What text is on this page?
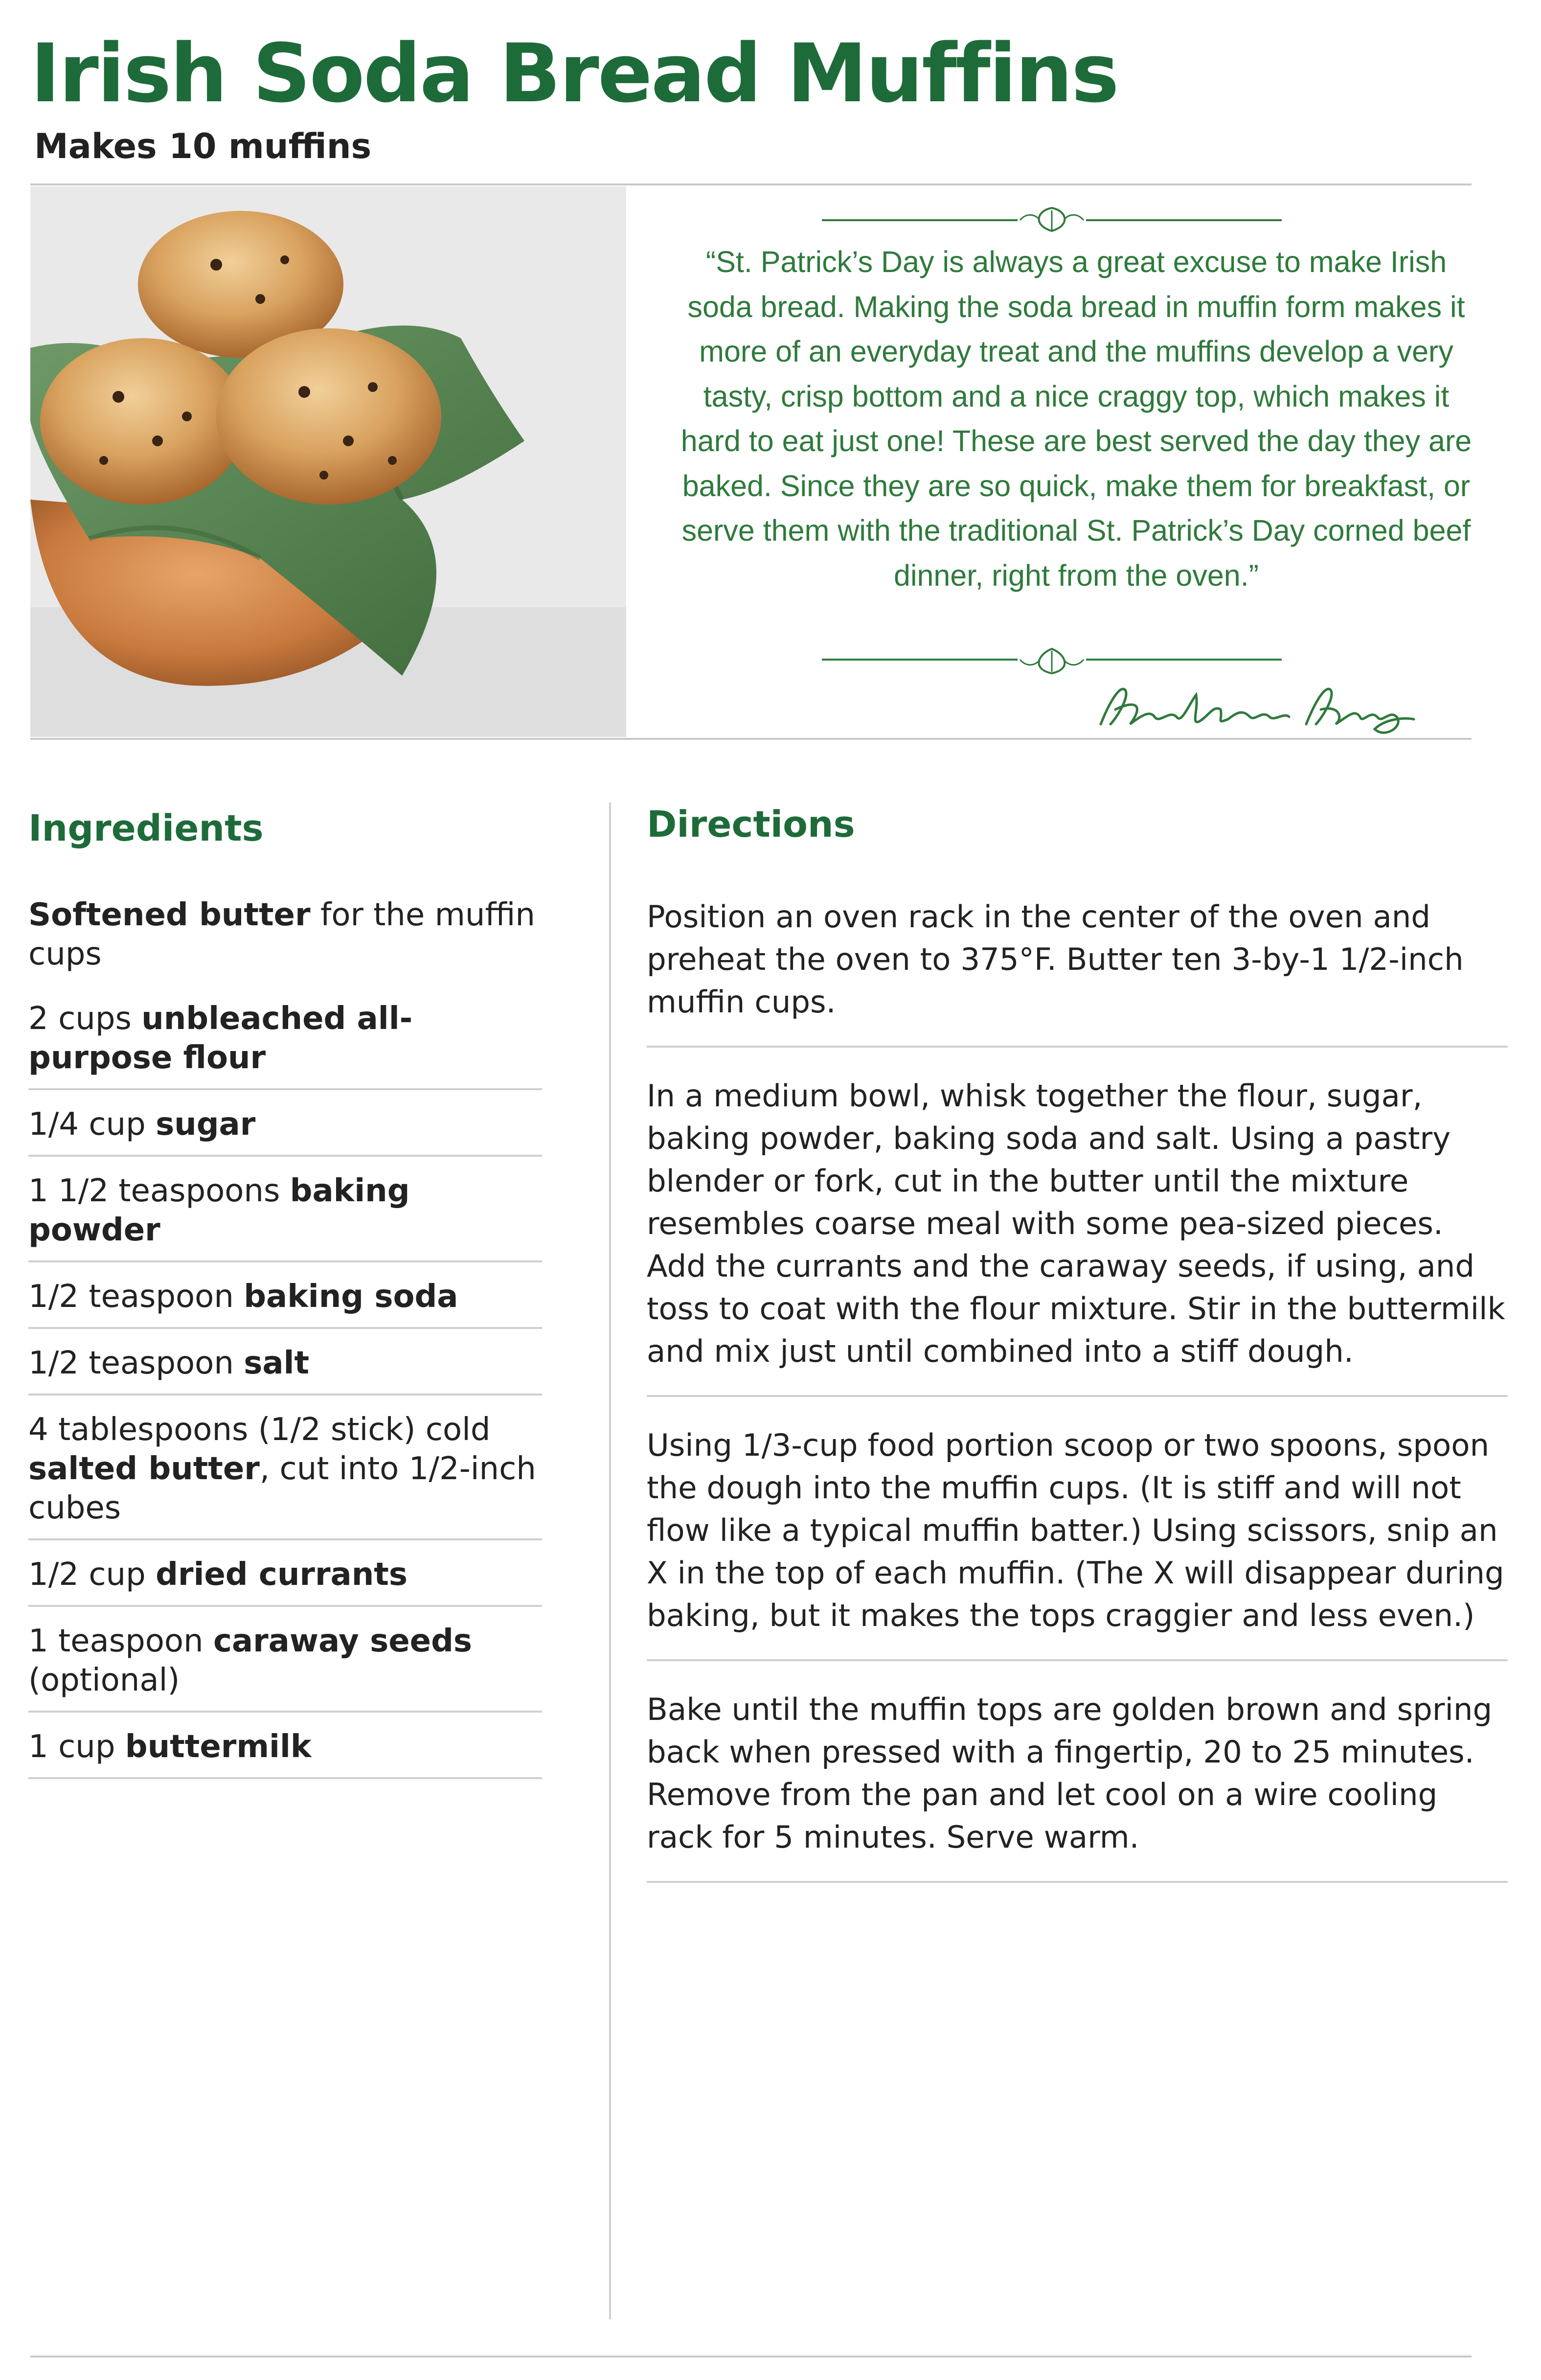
Irish Soda Bread Muffins
Makes 10 muffins

“St. Patrick’s Day is always a great excuse to make Irish soda bread. Making the soda bread in muffin form makes it more of an everyday treat and the muffins develop a very tasty, crisp bottom and a nice craggy top, which makes it hard to eat just one! These are best served the day they are baked. Since they are so quick, make them for breakfast, or serve them with the traditional St. Patrick’s Day corned beef dinner, right from the oven.”

Ingredients	Directions
Softened butter for the muffin cups
2 cups unbleached all-purpose flour
1/4 cup sugar
1 1/2 teaspoons baking powder
1/2 teaspoon baking soda
1/2 teaspoon salt
4 tablespoons (1/2 stick) cold salted butter, cut into 1/2-inch cubes
1/2 cup dried currants
1 teaspoon caraway seeds (optional)
1 cup buttermilk
Position an oven rack in the center of the oven and preheat the oven to 375°F. Butter ten 3-by-1 1/2-inch muffin cups.
In a medium bowl, whisk together the flour, sugar, baking powder, baking soda and salt. Using a pastry blender or fork, cut in the butter until the mixture resembles coarse meal with some pea-sized pieces. Add the currants and the caraway seeds, if using, and toss to coat with the flour mixture. Stir in the buttermilk and mix just until combined into a stiff dough.
Using 1/3-cup food portion scoop or two spoons, spoon the dough into the muffin cups. (It is stiff and will not flow like a typical muffin batter.) Using scissors, snip an X in the top of each muffin. (The X will disappear during baking, but it makes the tops craggier and less even.)
Bake until the muffin tops are golden brown and spring back when pressed with a fingertip, 20 to 25 minutes. Remove from the pan and let cool on a wire cooling rack for 5 minutes. Serve warm.
